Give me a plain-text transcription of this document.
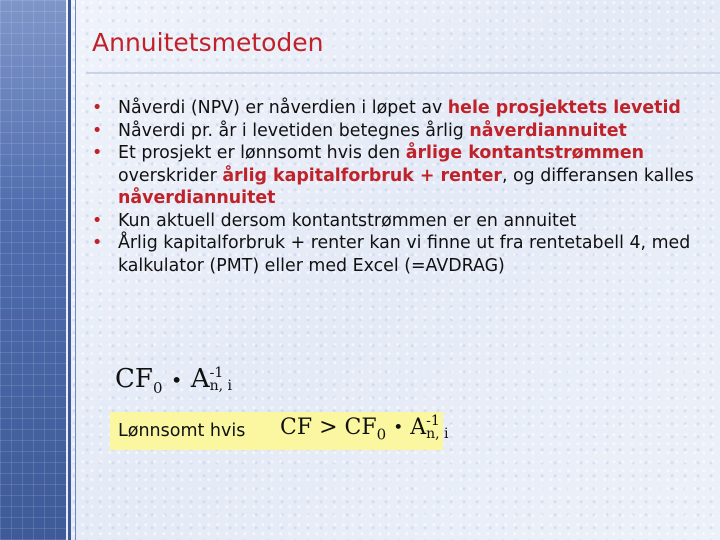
Annuitetsmetoden
• Nåverdi (NPV) er nåverdien i løpet av hele prosjektets levetid
• Nåverdi pr. år i levetiden betegnes årlig nåverdiannuitet
• Et prosjekt er lønnsomt hvis den årlige kontantstrømmen overskrider årlig kapitalforbruk + renter, og differansen kalles nåverdiannuitet
• Kun aktuell dersom kontantstrømmen er en annuitet
• Årlig kapitalforbruk + renter kan vi finne ut fra rentetabell 4, med kalkulator (PMT) eller med Excel (=AVDRAG)
$CF_0$ • A -1
n, i
Lønnsomt hvis CF > $CF_0$ • A -1
n, i
